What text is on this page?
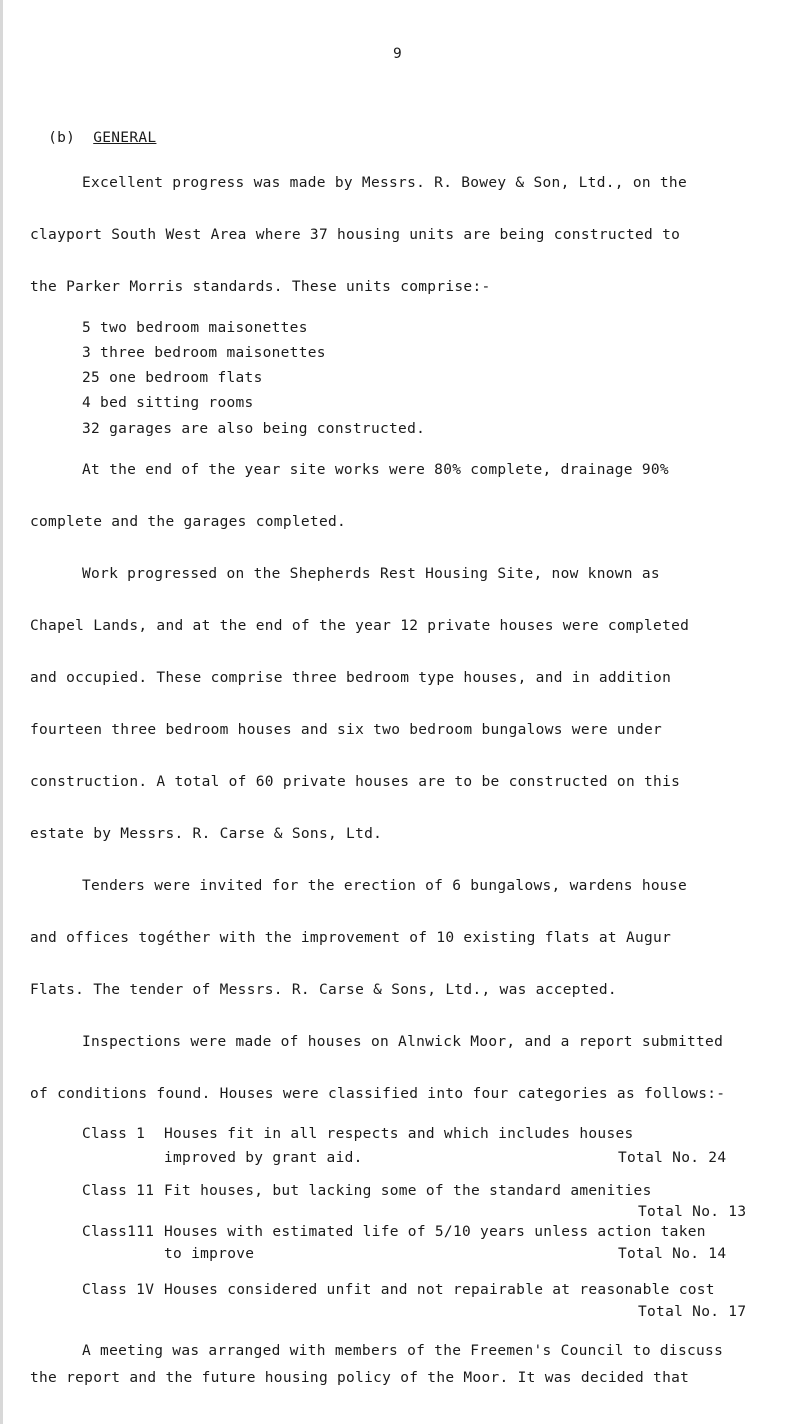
9

(b) GENERAL

Excellent progress was made by Messrs. R. Bowey & Son, Ltd., on the
clayport South West Area where 37 housing units are being constructed to
the Parker Morris standards. These units comprise:-
5 two bedroom maisonettes
3 three bedroom maisonettes
25 one bedroom flats
4 bed sitting rooms
32 garages are also being constructed.
At the end of the year site works were 80% complete, drainage 90%
complete and the garages completed.
Work progressed on the Shepherds Rest Housing Site, now known as
Chapel Lands, and at the end of the year 12 private houses were completed
and occupied. These comprise three bedroom type houses, and in addition
fourteen three bedroom houses and six two bedroom bungalows were under
construction. A total of 60 private houses are to be constructed on this
estate by Messrs. R. Carse & Sons, Ltd.
Tenders were invited for the erection of 6 bungalows, wardens house
and offices togéther with the improvement of 10 existing flats at Augur
Flats. The tender of Messrs. R. Carse & Sons, Ltd., was accepted.
Inspections were made of houses on Alnwick Moor, and a report submitted
of conditions found. Houses were classified into four categories as follows:-
Class 1 Houses fit in all respects and which includes houses
improved by grant aid.	Total No. 24
Class 11 Fit houses, but lacking some of the standard amenities
Total No. 13
Class111 Houses with estimated life of 5/10 years unless action taken
to improve	Total No. 14
Class 1V Houses considered unfit and not repairable at reasonable cost
Total No. 17
A meeting was arranged with members of the Freemen's Council to discuss
the report and the future housing policy of the Moor. It was decided that
